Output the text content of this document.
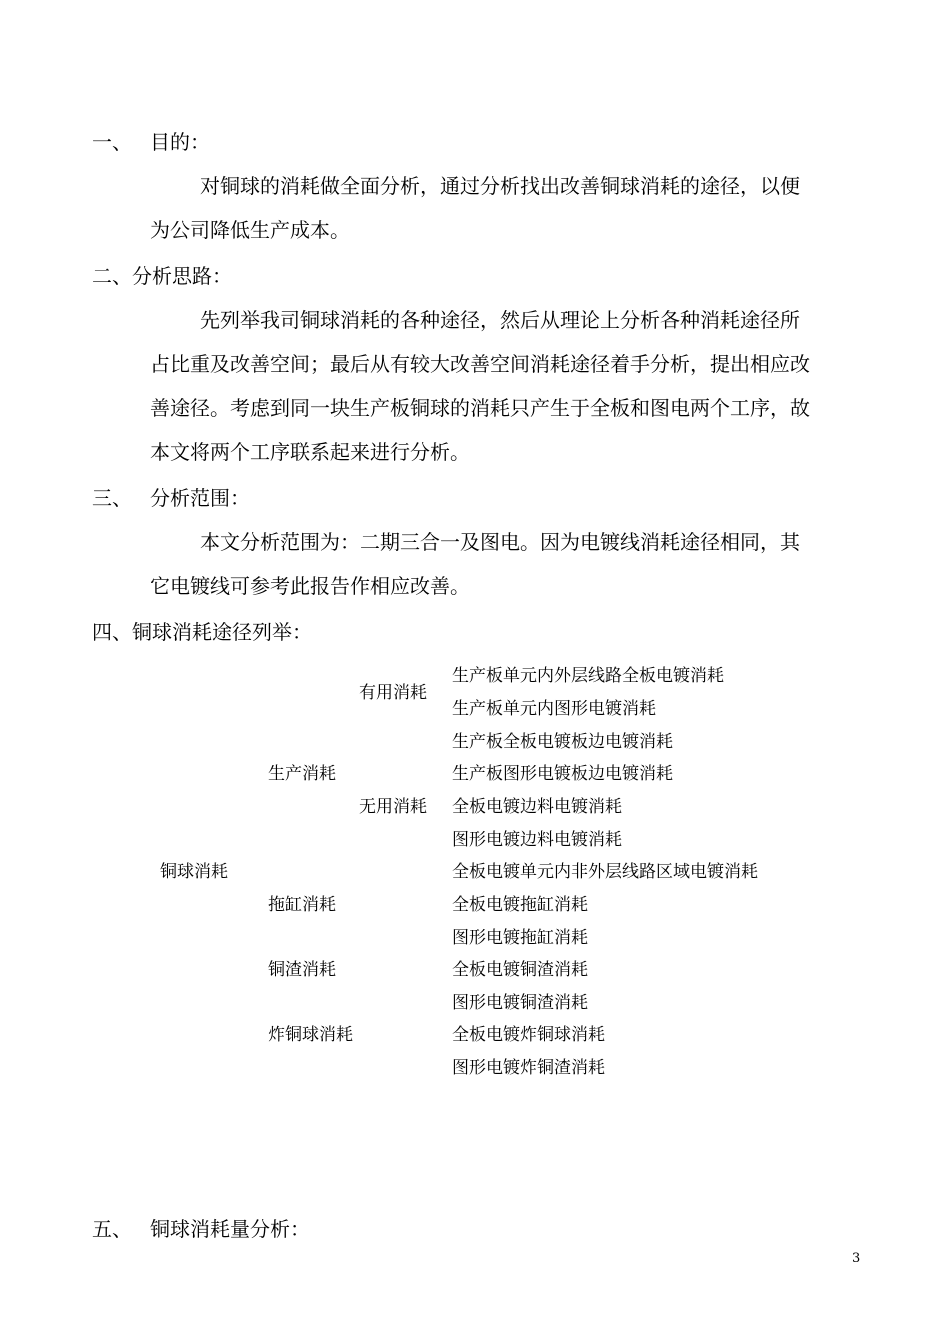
一、 目的：
对铜球的消耗做全面分析，通过分析找出改善铜球消耗的途径，以便
为公司降低生产成本。
二、分析思路：
先列举我司铜球消耗的各种途径，然后从理论上分析各种消耗途径所
占比重及改善空间；最后从有较大改善空间消耗途径着手分析，提出相应改
善途径。考虑到同一块生产板铜球的消耗只产生于全板和图电两个工序，故
本文将两个工序联系起来进行分析。
三、 分析范围：
本文分析范围为：二期三合一及图电。因为电镀线消耗途径相同，其
它电镀线可参考此报告作相应改善。
四、铜球消耗途径列举：
铜球消耗
生产消耗
拖缸消耗
铜渣消耗
炸铜球消耗
有用消耗
无用消耗
生产板单元内外层线路全板电镀消耗
生产板单元内图形电镀消耗
生产板全板电镀板边电镀消耗
生产板图形电镀板边电镀消耗
全板电镀边料电镀消耗
图形电镀边料电镀消耗
全板电镀单元内非外层线路区域电镀消耗
全板电镀拖缸消耗
图形电镀拖缸消耗
全板电镀铜渣消耗
图形电镀铜渣消耗
全板电镀炸铜球消耗
图形电镀炸铜渣消耗
五、 铜球消耗量分析：
3
